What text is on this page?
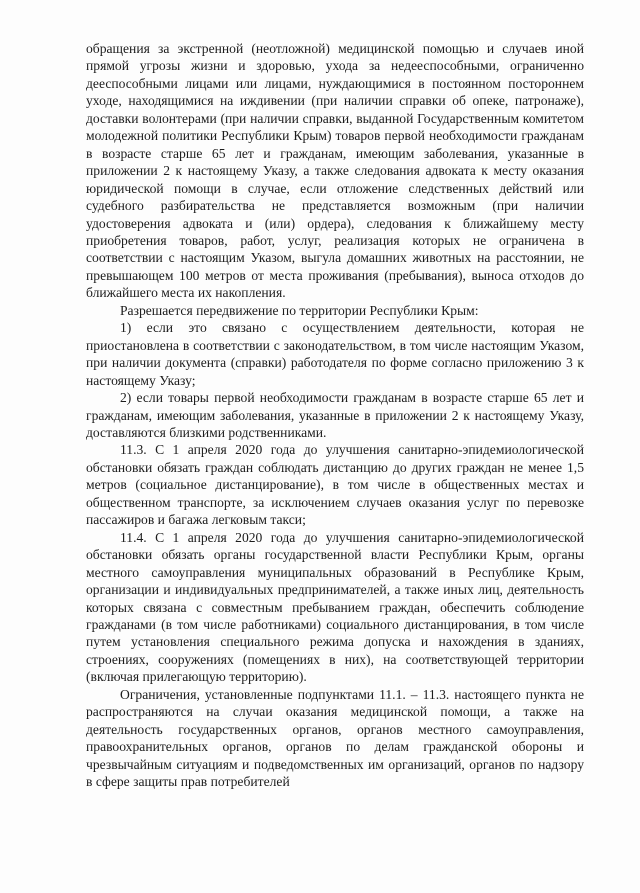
обращения за экстренной (неотложной) медицинской помощью и случаев иной прямой угрозы жизни и здоровью, ухода за недееспособными, ограниченно дееспособными лицами или лицами, нуждающимися в постоянном постороннем уходе, находящимися на иждивении (при наличии справки об опеке, патронаже), доставки волонтерами (при наличии справки, выданной Государственным комитетом молодежной политики Республики Крым) товаров первой необходимости гражданам в возрасте старше 65 лет и гражданам, имеющим заболевания, указанные в приложении 2 к настоящему Указу, а также следования адвоката к месту оказания юридической помощи в случае, если отложение следственных действий или судебного разбирательства не представляется возможным (при наличии удостоверения адвоката и (или) ордера), следования к ближайшему месту приобретения товаров, работ, услуг, реализация которых не ограничена в соответствии с настоящим Указом, выгула домашних животных на расстоянии, не превышающем 100 метров от места проживания (пребывания), выноса отходов до ближайшего места их накопления.

Разрешается передвижение по территории Республики Крым:

1) если это связано с осуществлением деятельности, которая не приостановлена в соответствии с законодательством, в том числе настоящим Указом, при наличии документа (справки) работодателя по форме согласно приложению 3 к настоящему Указу;

2) если товары первой необходимости гражданам в возрасте старше 65 лет и гражданам, имеющим заболевания, указанные в приложении 2 к настоящему Указу, доставляются близкими родственниками.

11.3. С 1 апреля 2020 года до улучшения санитарно-эпидемиологической обстановки обязать граждан соблюдать дистанцию до других граждан не менее 1,5 метров (социальное дистанцирование), в том числе в общественных местах и общественном транспорте, за исключением случаев оказания услуг по перевозке пассажиров и багажа легковым такси;

11.4. С 1 апреля 2020 года до улучшения санитарно-эпидемиологической обстановки обязать органы государственной власти Республики Крым, органы местного самоуправления муниципальных образований в Республике Крым, организации и индивидуальных предпринимателей, а также иных лиц, деятельность которых связана с совместным пребыванием граждан, обеспечить соблюдение гражданами (в том числе работниками) социального дистанцирования, в том числе путем установления специального режима допуска и нахождения в зданиях, строениях, сооружениях (помещениях в них), на соответствующей территории (включая прилегающую территорию).

Ограничения, установленные подпунктами 11.1. – 11.3. настоящего пункта не распространяются на случаи оказания медицинской помощи, а также на деятельность государственных органов, органов местного самоуправления, правоохранительных органов, органов по делам гражданской обороны и чрезвычайным ситуациям и подведомственных им организаций, органов по надзору в сфере защиты прав потребителей
